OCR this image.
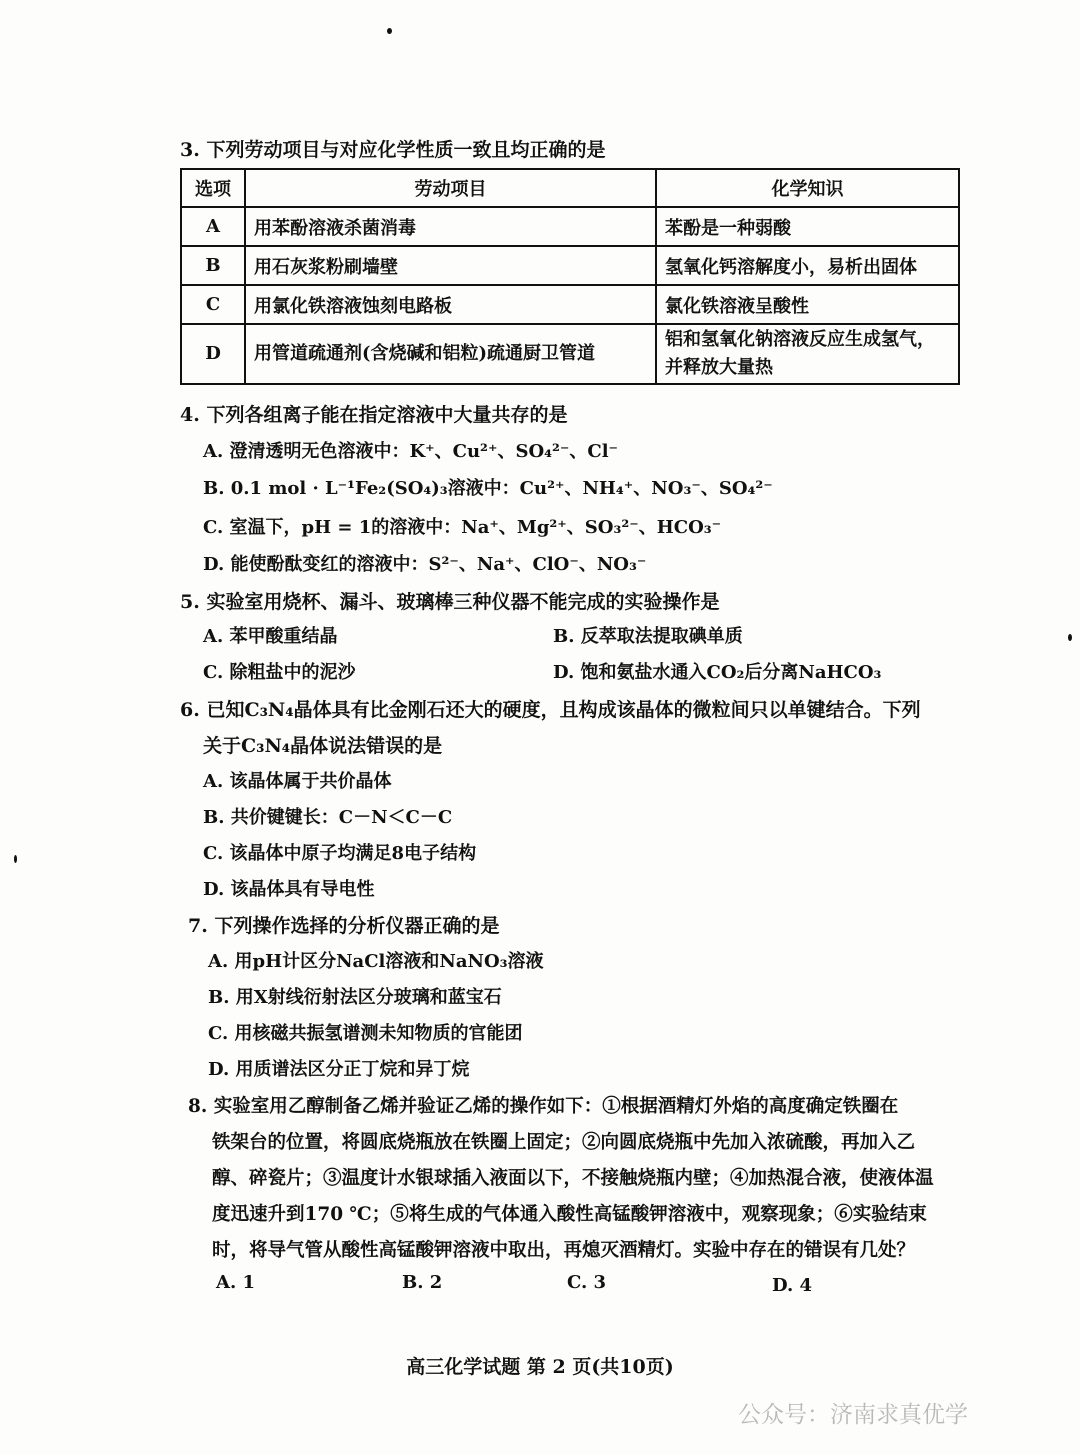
3. 下列劳动项目与对应化学性质一致且均正确的是
选项	劳动项目	化学知识
A	用苯酚溶液杀菌消毒	苯酚是一种弱酸
B	用石灰浆粉刷墙壁	氢氧化钙溶解度小，易析出固体
C	用氯化铁溶液蚀刻电路板	氯化铁溶液呈酸性
D	用管道疏通剂(含烧碱和铝粒)疏通厨卫管道	铝和氢氧化钠溶液反应生成氢气，并释放大量热
4. 下列各组离子能在指定溶液中大量共存的是
A. 澄清透明无色溶液中：K⁺、Cu²⁺、SO₄²⁻、Cl⁻
B. 0.1 mol · L⁻¹Fe₂(SO₄)₃溶液中：Cu²⁺、NH₄⁺、NO₃⁻、SO₄²⁻
C. 室温下，pH = 1的溶液中：Na⁺、Mg²⁺、SO₃²⁻、HCO₃⁻
D. 能使酚酞变红的溶液中：S²⁻、Na⁺、ClO⁻、NO₃⁻
5. 实验室用烧杯、漏斗、玻璃棒三种仪器不能完成的实验操作是
A. 苯甲酸重结晶	B. 反萃取法提取碘单质
C. 除粗盐中的泥沙	D. 饱和氨盐水通入CO₂后分离NaHCO₃
6. 已知C₃N₄晶体具有比金刚石还大的硬度，且构成该晶体的微粒间只以单键结合。下列
关于C₃N₄晶体说法错误的是
A. 该晶体属于共价晶体
B. 共价键键长：C－N＜C－C
C. 该晶体中原子均满足8电子结构
D. 该晶体具有导电性
7. 下列操作选择的分析仪器正确的是
A. 用pH计区分NaCl溶液和NaNO₃溶液
B. 用X射线衍射法区分玻璃和蓝宝石
C. 用核磁共振氢谱测未知物质的官能团
D. 用质谱法区分正丁烷和异丁烷
8. 实验室用乙醇制备乙烯并验证乙烯的操作如下：①根据酒精灯外焰的高度确定铁圈在
铁架台的位置，将圆底烧瓶放在铁圈上固定；②向圆底烧瓶中先加入浓硫酸，再加入乙
醇、碎瓷片；③温度计水银球插入液面以下，不接触烧瓶内壁；④加热混合液，使液体温
度迅速升到170 ℃；⑤将生成的气体通入酸性高锰酸钾溶液中，观察现象；⑥实验结束
时，将导气管从酸性高锰酸钾溶液中取出，再熄灭酒精灯。实验中存在的错误有几处？
A. 1	B. 2	C. 3	D. 4
高三化学试题 第 2 页(共10页)
公众号：济南求真优学
